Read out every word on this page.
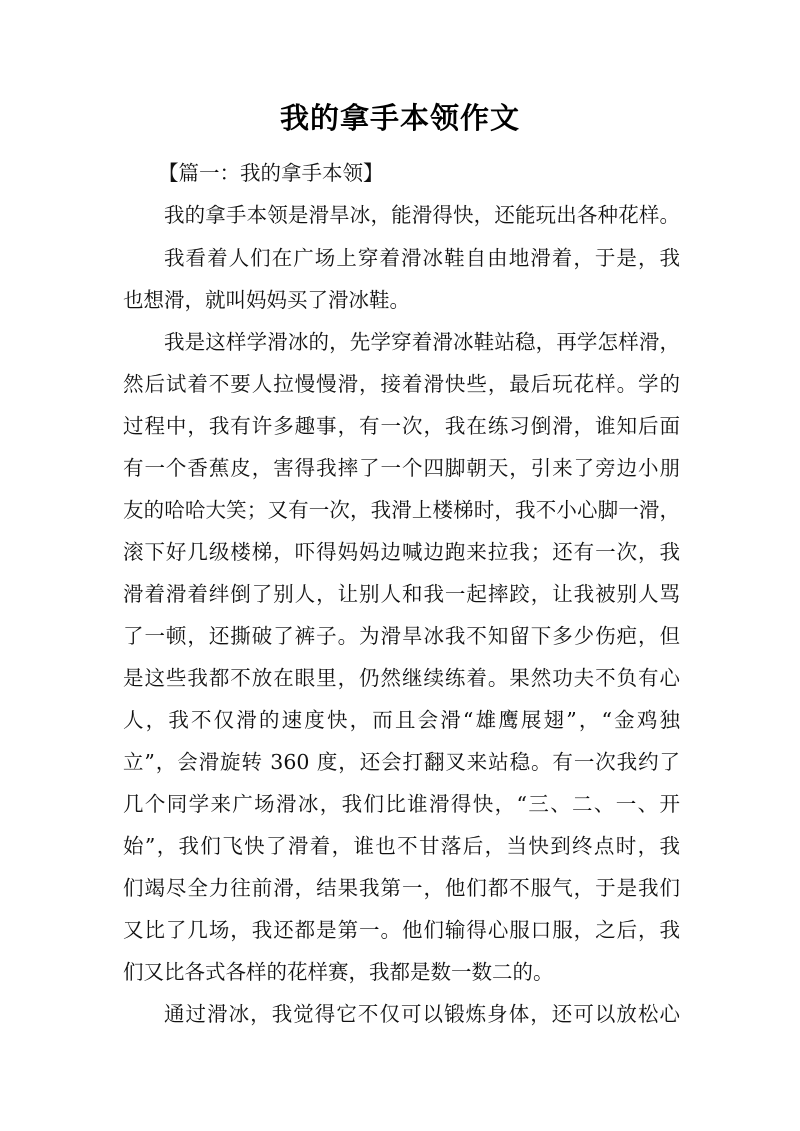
我的拿手本领作文

【篇一：我的拿手本领】

我的拿手本领是滑旱冰，能滑得快，还能玩出各种花样。

我看着人们在广场上穿着滑冰鞋自由地滑着，于是，我

也想滑，就叫妈妈买了滑冰鞋。

我是这样学滑冰的，先学穿着滑冰鞋站稳，再学怎样滑，

然后试着不要人拉慢慢滑，接着滑快些，最后玩花样。学的

过程中，我有许多趣事，有一次，我在练习倒滑，谁知后面

有一个香蕉皮，害得我摔了一个四脚朝天，引来了旁边小朋

友的哈哈大笑；又有一次，我滑上楼梯时，我不小心脚一滑，

滚下好几级楼梯，吓得妈妈边喊边跑来拉我；还有一次，我

滑着滑着绊倒了别人，让别人和我一起摔跤，让我被别人骂

了一顿，还撕破了裤子。为滑旱冰我不知留下多少伤疤，但

是这些我都不放在眼里，仍然继续练着。果然功夫不负有心

人，我不仅滑的速度快，而且会滑“雄鹰展翅”，“金鸡独

立”，会滑旋转 360 度，还会打翻叉来站稳。有一次我约了

几个同学来广场滑冰，我们比谁滑得快，“三、二、一、开

始”，我们飞快了滑着，谁也不甘落后，当快到终点时，我

们竭尽全力往前滑，结果我第一，他们都不服气，于是我们

又比了几场，我还都是第一。他们输得心服口服，之后，我

们又比各式各样的花样赛，我都是数一数二的。

通过滑冰，我觉得它不仅可以锻炼身体，还可以放松心
